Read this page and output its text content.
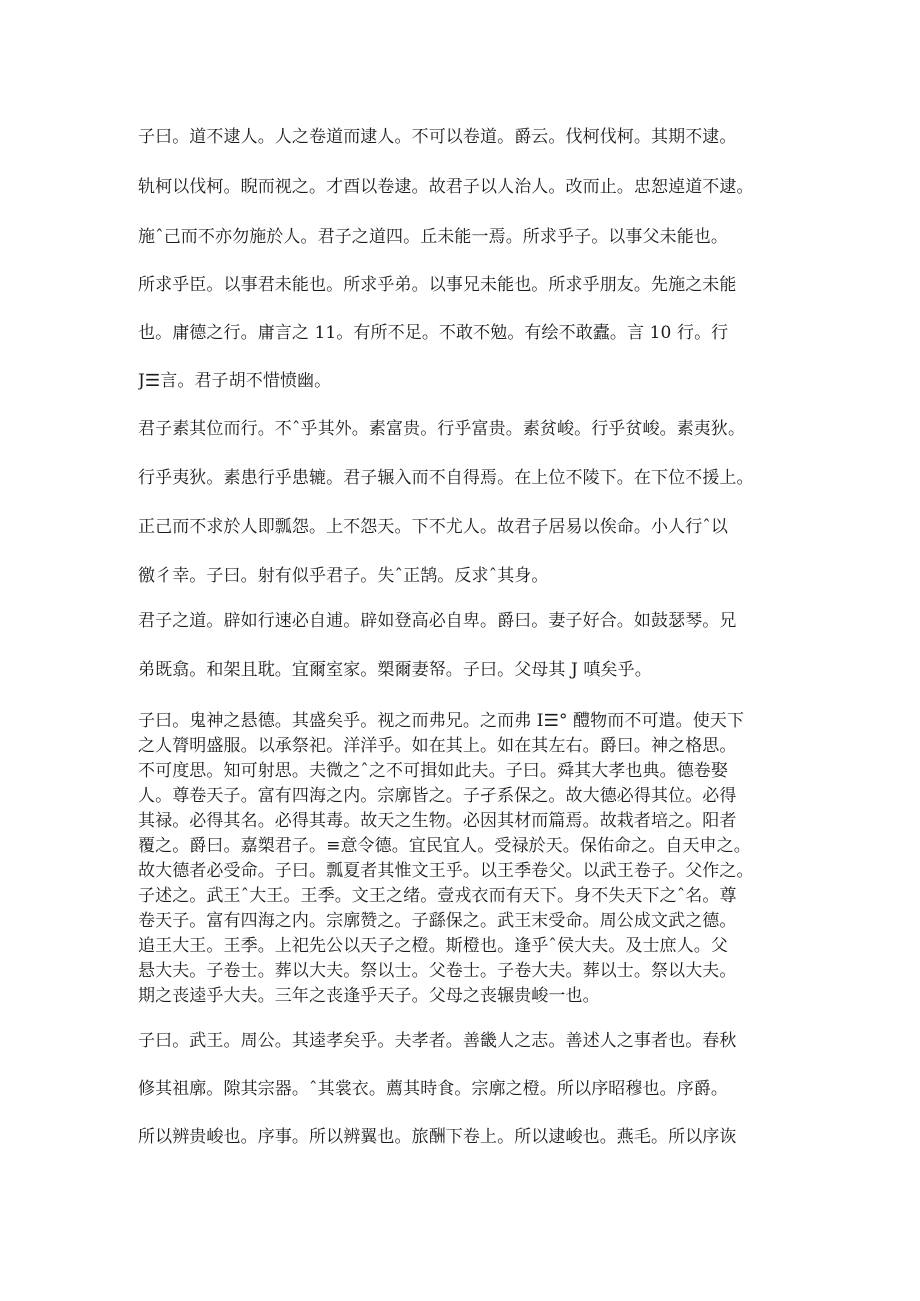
子曰。道不逮人。人之卷道而逮人。不可以卷道。爵云。伐柯伐柯。其期不逮。
轨柯以伐柯。睨而视之。才酉以卷逮。故君子以人治人。改而止。忠恕逴道不逮。
施ˆ己而不亦勿施於人。君子之道四。丘未能一焉。所求乎子。以事父未能也。
所求乎臣。以事君未能也。所求乎弟。以事兄未能也。所求乎朋友。先施之未能
也。庸德之行。庸言之 11。有所不足。不敢不勉。有绘不敢蠹。言 10 行。行
J☰言。君子胡不惜愤幽。
君子素其位而行。不ˆ乎其外。素富贵。行乎富贵。素贫峻。行乎贫峻。素夷狄。
行乎夷狄。素患行乎患辘。君子辗入而不自得焉。在上位不陵下。在下位不援上。
正己而不求於人即瓢怨。上不怨天。下不尤人。故君子居易以俟命。小人行ˆ以
徼彳幸。子曰。射有似乎君子。失ˆ正鹄。反求ˆ其身。
君子之道。辟如行速必自逋。辟如登高必自卑。爵曰。妻子好合。如鼓瑟琴。兄
弟既翕。和架且耽。宜爾室家。槊爾妻帑。子曰。父母其 J 嗔矣乎。
子曰。鬼神之悬德。其盛矣乎。视之而弗兄。之而弗 I☰° 醴物而不可遣。使天下
之人膂明盛服。以承祭祀。洋洋乎。如在其上。如在其左右。爵曰。神之格思。
不可度思。知可射思。夫微之ˆ之不可揖如此夫。子曰。舜其大孝也典。德卷娶
人。尊卷天子。富有四海之内。宗廓皆之。子孑系保之。故大德必得其位。必得
其禄。必得其名。必得其毒。故天之生物。必因其材而篇焉。故栽者培之。阳者
覆之。爵曰。嘉槊君子。≡意令德。宜民宜人。受禄於天。保佑命之。自天申之。
故大德者必受命。子曰。瓢夏者其惟文王乎。以王季卷父。以武王卷子。父作之。
子述之。武王ˆ大王。王季。文王之绪。壹戎衣而有天下。身不失天下之ˆ名。尊
卷天子。富有四海之内。宗廓赞之。子繇保之。武王末受命。周公成文武之德。
追王大王。王季。上祀先公以天子之橙。斯橙也。逢乎ˆ侯大夫。及士庶人。父
悬大夫。子卷士。葬以大夫。祭以士。父卷士。子卷大夫。葬以士。祭以大夫。
期之丧逵乎大夫。三年之丧逢乎天子。父母之丧辗贵峻一也。
子曰。武王。周公。其逵孝矣乎。夫孝者。善畿人之志。善述人之事者也。春秋
修其祖廓。隙其宗器。ˆ其裳衣。薦其時食。宗廓之橙。所以序昭穆也。序爵。
所以辨贵峻也。序事。所以辨翼也。旅酬下卷上。所以逮峻也。燕毛。所以序诙
